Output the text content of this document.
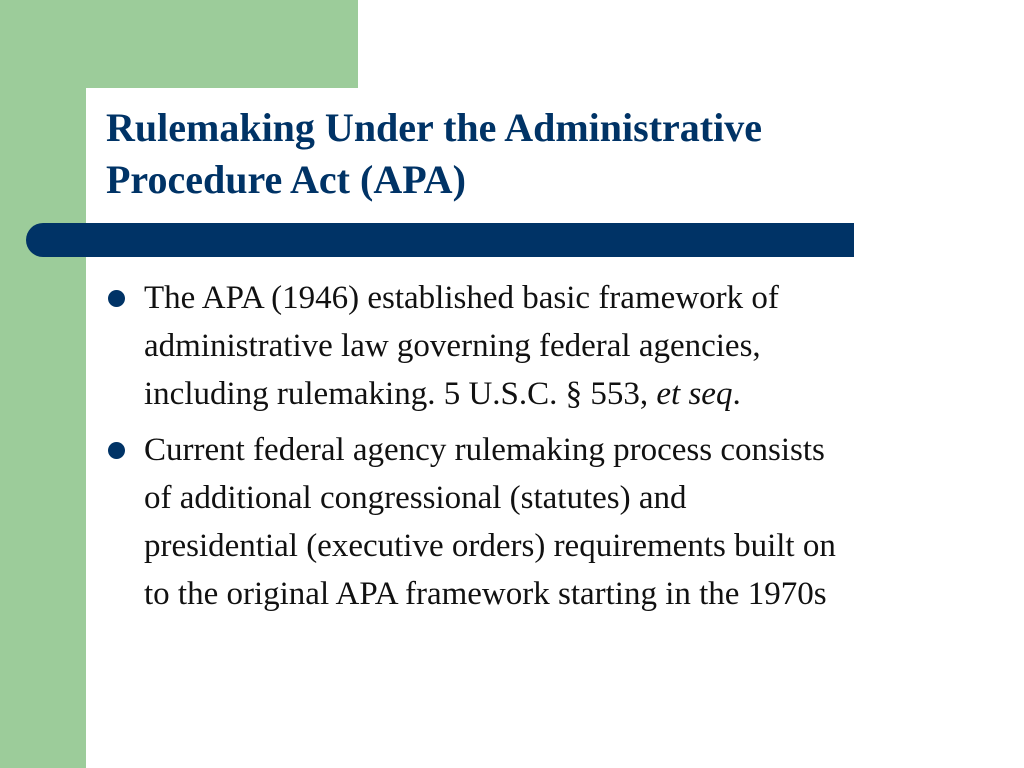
Rulemaking Under the Administrative
Procedure Act (APA)
The APA (1946) established basic framework of
administrative law governing federal agencies,
including rulemaking. 5 U.S.C. § 553, et seq.
Current federal agency rulemaking process consists
of additional congressional (statutes) and
presidential (executive orders) requirements built on
to the original APA framework starting in the 1970s
